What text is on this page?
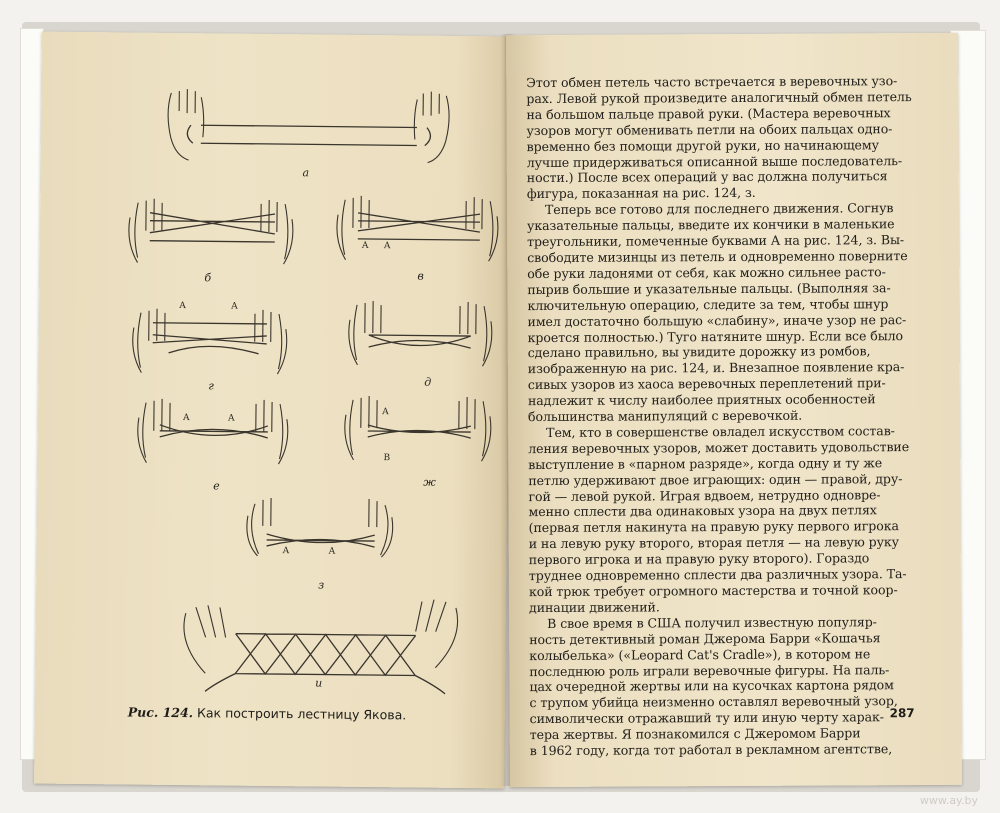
а
б	в
г	д
е	ж
з
и
А А
А	А
А	А
А
В
А	А
Рис. 124. Как построить лестницу Якова.
Этот обмен петель часто встречается в веревочных узо-
рах. Левой рукой произведите аналогичный обмен петель
на большом пальце правой руки. (Мастера веревочных
узоров могут обменивать петли на обоих пальцах одно-
временно без помощи другой руки, но начинающему
лучше придерживаться описанной выше последователь-
ности.) После всех операций у вас должна получиться
фигура, показанная на рис. 124, з.
Теперь все готово для последнего движения. Согнув
указательные пальцы, введите их кончики в маленькие
треугольники, помеченные буквами А на рис. 124, з. Вы-
свободите мизинцы из петель и одновременно поверните
обе руки ладонями от себя, как можно сильнее расто-
пырив большие и указательные пальцы. (Выполняя за-
ключительную операцию, следите за тем, чтобы шнур
имел достаточно большую «слабину», иначе узор не рас-
кроется полностью.) Туго натяните шнур. Если все было
сделано правильно, вы увидите дорожку из ромбов,
изображенную на рис. 124, и. Внезапное появление кра-
сивых узоров из хаоса веревочных переплетений при-
надлежит к числу наиболее приятных особенностей
большинства манипуляций с веревочкой.
Тем, кто в совершенстве овладел искусством состав-
ления веревочных узоров, может доставить удовольствие
выступление в «парном разряде», когда одну и ту же
петлю удерживают двое играющих: один — правой, дру-
гой — левой рукой. Играя вдвоем, нетрудно одновре-
менно сплести два одинаковых узора на двух петлях
(первая петля накинута на правую руку первого игрока
и на левую руку второго, вторая петля — на левую руку
первого игрока и на правую руку второго). Гораздо
труднее одновременно сплести два различных узора. Та-
кой трюк требует огромного мастерства и точной коор-
динации движений.
В свое время в США получил известную популяр-
ность детективный роман Джерома Барри «Кошачья
колыбелька» («Leopard Cat's Cradle»), в котором не
последнюю роль играли веревочные фигуры. На паль-
цах очередной жертвы или на кусочках картона рядом
с трупом убийца неизменно оставлял веревочный узор,
символически отражавший ту или иную черту харак-
тера жертвы. Я познакомился с Джеромом Барри
в 1962 году, когда тот работал в рекламном агентстве,
287
www.ay.by
